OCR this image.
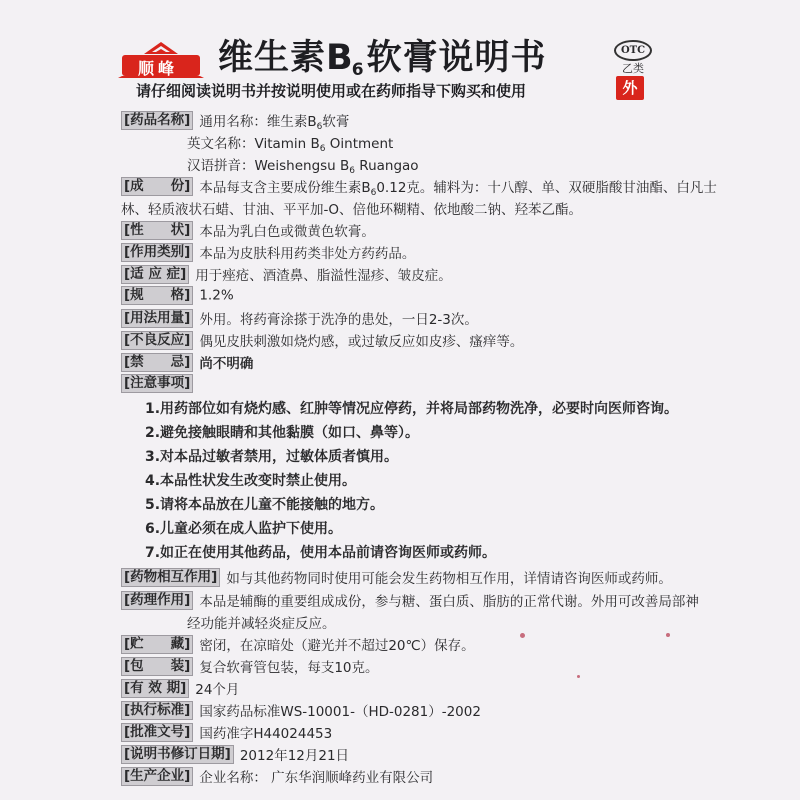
顺峰 维生素B6软膏说明书
请仔细阅读说明书并按说明使用或在药师指导下购买和使用
OTC
乙类
外
[药品名称] 通用名称：维生素$B_6$软膏
英文名称：Vitamin $B_6$ Ointment
汉语拼音：Weishengsu $B_6$ Ruangao
[成　　份] 本品每支含主要成份维生素$B_60.12$克。辅料为：十八醇、单、双硬脂酸甘油酯、白凡士
林、轻质液状石蜡、甘油、平平加-O、倍他环糊精、依地酸二钠、羟苯乙酯。
[性　　状] 本品为乳白色或微黄色软膏。
[作用类别] 本品为皮肤科用药类非处方药药品。
[适 应 症] 用于痤疮、酒渣鼻、脂溢性湿疹、皱皮症。
[规　　格] 1.2%
[用法用量] 外用。将药膏涂搽于洗净的患处，一日2-3次。
[不良反应] 偶见皮肤刺激如烧灼感，或过敏反应如皮疹、瘙痒等。
[禁　　忌] 尚不明确
[注意事项]
1.用药部位如有烧灼感、红肿等情况应停药，并将局部药物洗净，必要时向医师咨询。
2.避免接触眼睛和其他黏膜（如口、鼻等）。
3.对本品过敏者禁用，过敏体质者慎用。
4.本品性状发生改变时禁止使用。
5.请将本品放在儿童不能接触的地方。
6.儿童必须在成人监护下使用。
7.如正在使用其他药品，使用本品前请咨询医师或药师。
[药物相互作用] 如与其他药物同时使用可能会发生药物相互作用，详情请咨询医师或药师。
[药理作用] 本品是辅酶的重要组成成份，参与糖、蛋白质、脂肪的正常代谢。外用可改善局部神
经功能并减轻炎症反应。
[贮　　藏] 密闭，在凉暗处（避光并不超过20℃）保存。
[包　　装] 复合软膏管包装，每支10克。
[有 效 期] 24个月
[执行标准] 国家药品标准WS-10001-（HD-0281）-2002
[批准文号] 国药准字H44024453
[说明书修订日期] 2012年12月21日
[生产企业] 企业名称： 广东华润顺峰药业有限公司
